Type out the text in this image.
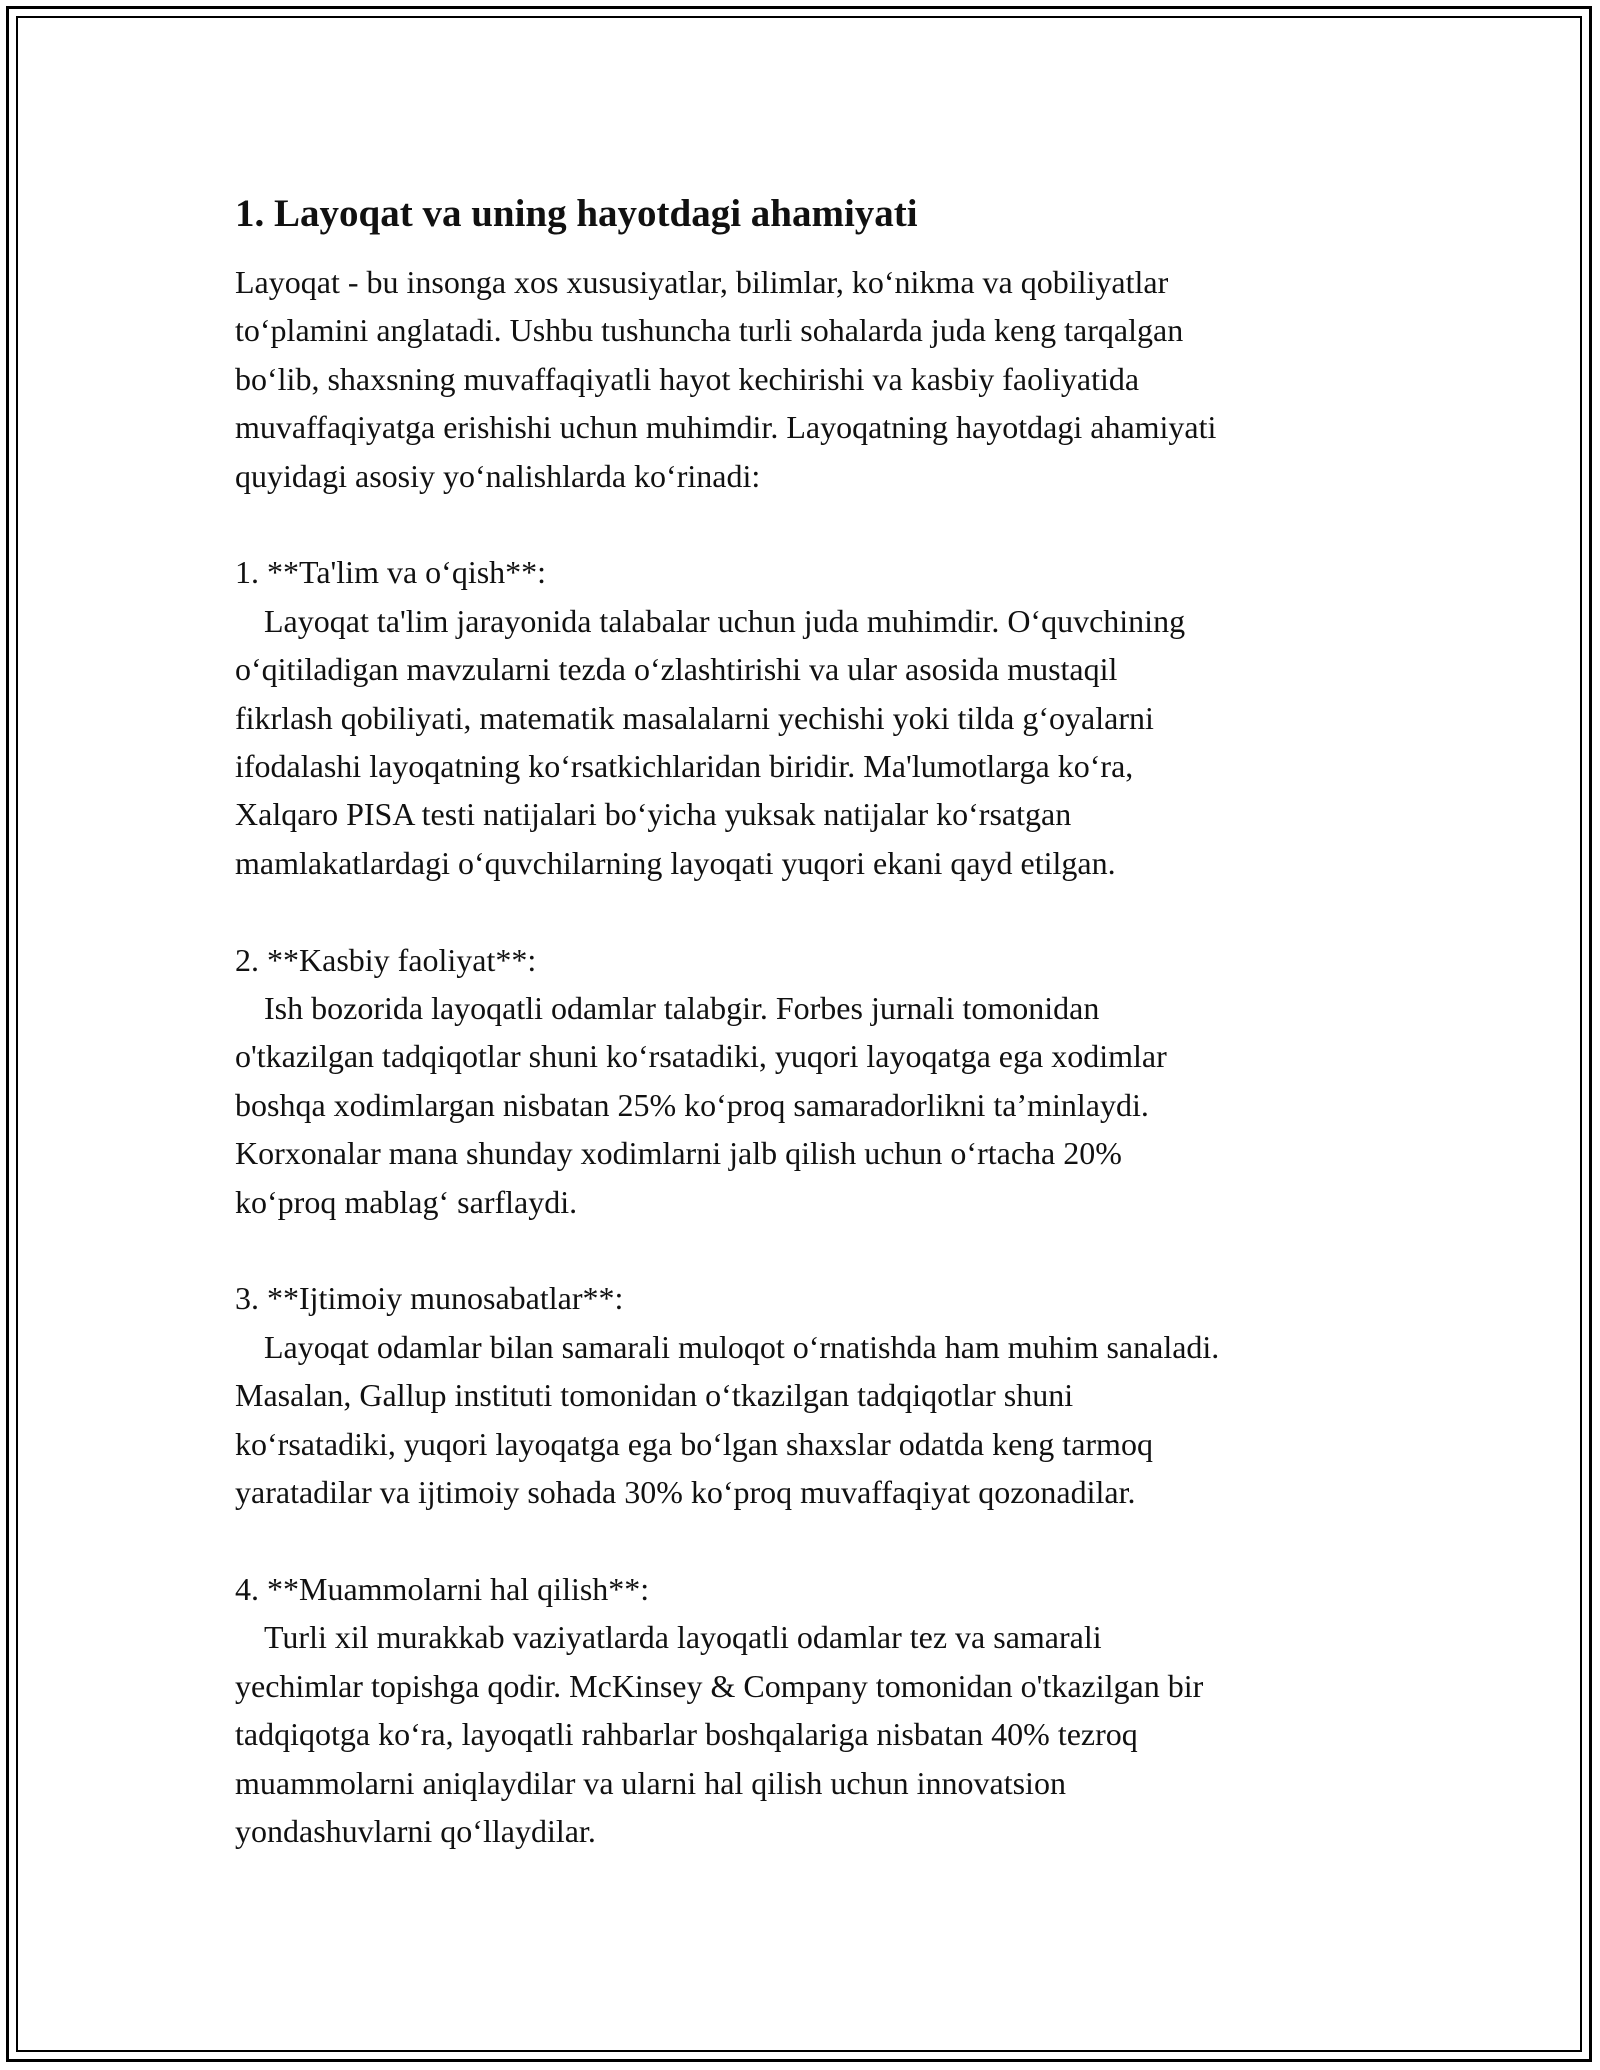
1. Layoqat va uning hayotdagi ahamiyati

Layoqat - bu insonga xos xususiyatlar, bilimlar, koʻnikma va qobiliyatlar
toʻplamini anglatadi. Ushbu tushuncha turli sohalarda juda keng tarqalgan
boʻlib, shaxsning muvaffaqiyatli hayot kechirishi va kasbiy faoliyatida
muvaffaqiyatga erishishi uchun muhimdir. Layoqatning hayotdagi ahamiyati
quyidagi asosiy yoʻnalishlarda koʻrinadi:

1. **Ta'lim va oʻqish**:
Layoqat ta'lim jarayonida talabalar uchun juda muhimdir. Oʻquvchining
oʻqitiladigan mavzularni tezda oʻzlashtirishi va ular asosida mustaqil
fikrlash qobiliyati, matematik masalalarni yechishi yoki tilda gʻoyalarni
ifodalashi layoqatning koʻrsatkichlaridan biridir. Ma'lumotlarga koʻra,
Xalqaro PISA testi natijalari boʻyicha yuksak natijalar koʻrsatgan
mamlakatlardagi oʻquvchilarning layoqati yuqori ekani qayd etilgan.

2. **Kasbiy faoliyat**:
Ish bozorida layoqatli odamlar talabgir. Forbes jurnali tomonidan
o'tkazilgan tadqiqotlar shuni koʻrsatadiki, yuqori layoqatga ega xodimlar
boshqa xodimlargan nisbatan 25% koʻproq samaradorlikni taʼminlaydi.
Korxonalar mana shunday xodimlarni jalb qilish uchun oʻrtacha 20%
koʻproq mablagʻ sarflaydi.

3. **Ijtimoiy munosabatlar**:
Layoqat odamlar bilan samarali muloqot oʻrnatishda ham muhim sanaladi.
Masalan, Gallup instituti tomonidan oʻtkazilgan tadqiqotlar shuni
koʻrsatadiki, yuqori layoqatga ega boʻlgan shaxslar odatda keng tarmoq
yaratadilar va ijtimoiy sohada 30% koʻproq muvaffaqiyat qozonadilar.

4. **Muammolarni hal qilish**:
Turli xil murakkab vaziyatlarda layoqatli odamlar tez va samarali
yechimlar topishga qodir. McKinsey & Company tomonidan o'tkazilgan bir
tadqiqotga koʻra, layoqatli rahbarlar boshqalariga nisbatan 40% tezroq
muammolarni aniqlaydilar va ularni hal qilish uchun innovatsion
yondashuvlarni qoʻllaydilar.
